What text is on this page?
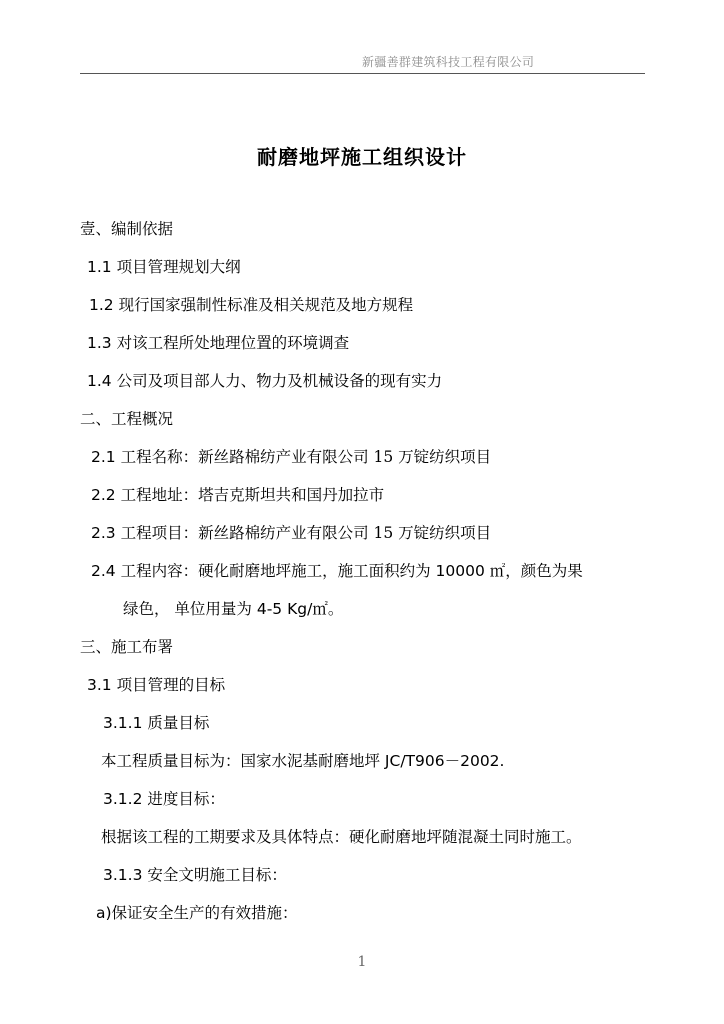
新疆善群建筑科技工程有限公司
耐磨地坪施工组织设计
壹、编制依据
1.1 项目管理规划大纲
1.2 现行国家强制性标准及相关规范及地方规程
1.3 对该工程所处地理位置的环境调查
1.4 公司及项目部人力、物力及机械设备的现有实力
二、工程概况
2.1 工程名称：新丝路棉纺产业有限公司 15 万锭纺织项目
2.2 工程地址：塔吉克斯坦共和国丹加拉市
2.3 工程项目：新丝路棉纺产业有限公司 15 万锭纺织项目
2.4 工程内容：硬化耐磨地坪施工，施工面积约为 10000 ㎡，颜色为果
绿色， 单位用量为 4-5 Kg/㎡。
三、施工布署
3.1 项目管理的目标
3.1.1 质量目标
本工程质量目标为：国家水泥基耐磨地坪 JC/T906－2002.
3.1.2 进度目标：
根据该工程的工期要求及具体特点：硬化耐磨地坪随混凝土同时施工。
3.1.3 安全文明施工目标：
a)保证安全生产的有效措施：
1
